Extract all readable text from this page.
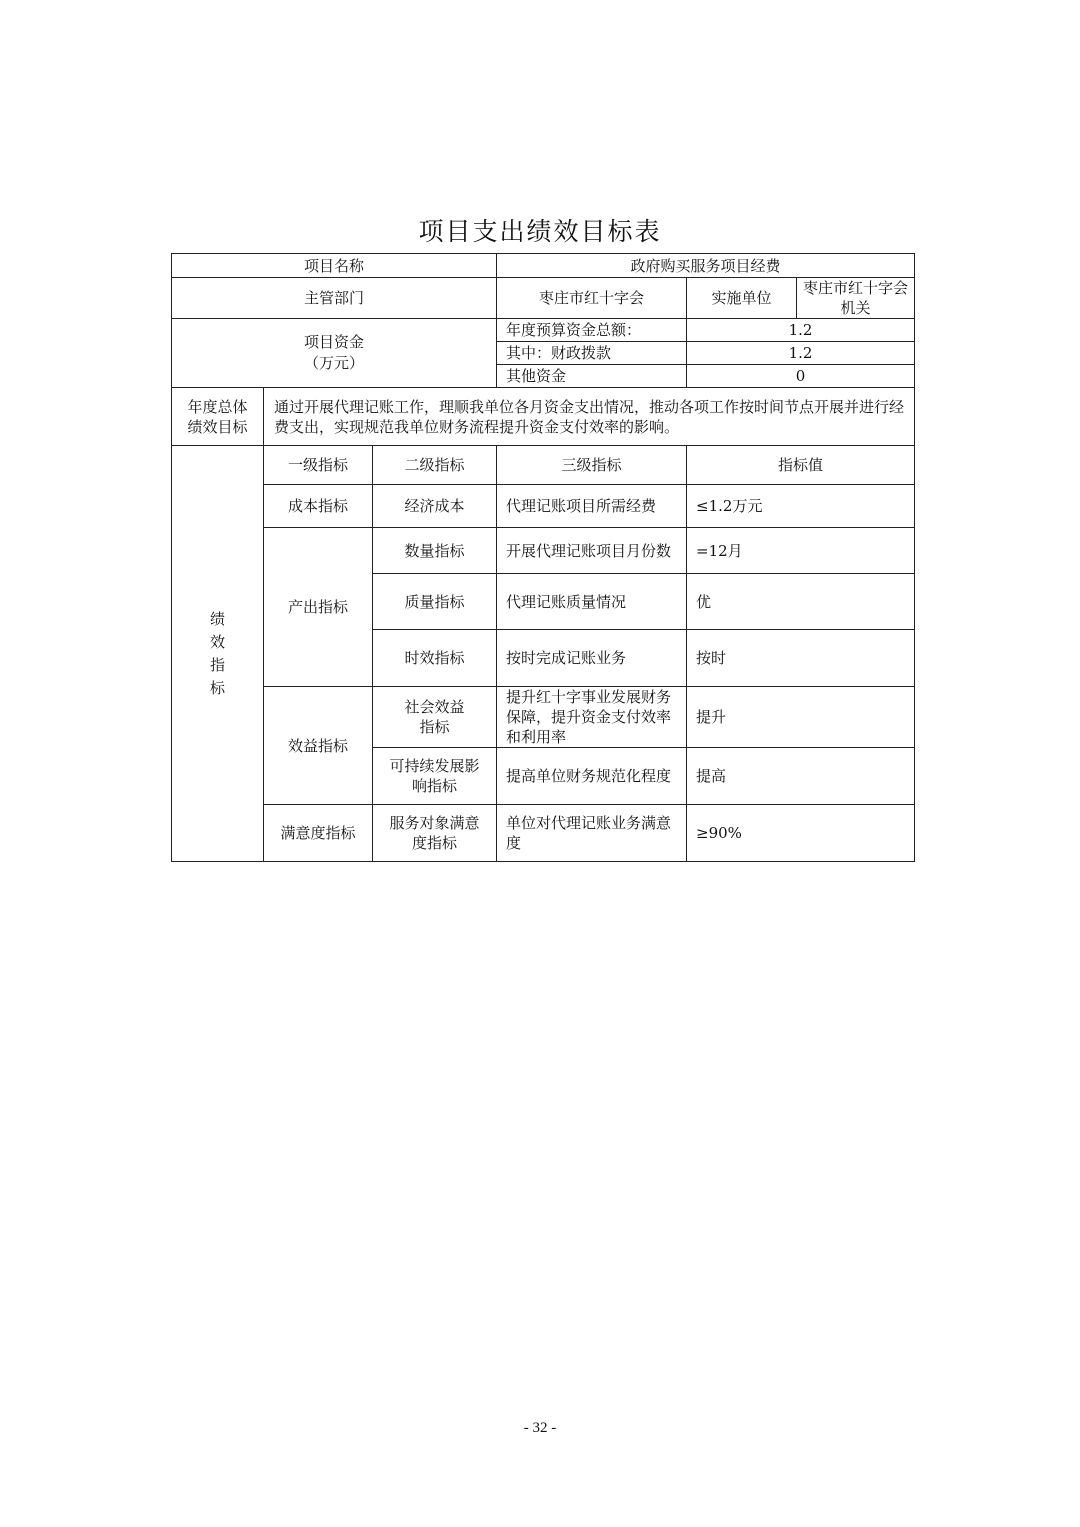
项目支出绩效目标表
项目名称			政府购买服务项目经费		
主管部门			枣庄市红十字会	实施单位	枣庄市红十字会机关
项目资金（万元）			年度预算资金总额：	1.2	
			其中：财政拨款	1.2	
			其他资金	0	
年度总体绩效目标	通过开展代理记账工作，理顺我单位各月资金支出情况，推动各项工作按时间节点开展并进行经费支出，实现规范我单位财务流程提升资金支付效率的影响。				
绩效指标	一级指标	二级指标	三级指标	指标值	
	成本指标	经济成本	代理记账项目所需经费	≤1.2万元	
	产出指标	数量指标	开展代理记账项目月份数	=12月	
		质量指标	代理记账质量情况	优	
		时效指标	按时完成记账业务	按时	
	效益指标	社会效益指标	提升红十字事业发展财务保障，提升资金支付效率和利用率	提升	
		可持续发展影响指标	提高单位财务规范化程度	提高	
	满意度指标	服务对象满意度指标	单位对代理记账业务满意度	≥90%	
- 32 -
